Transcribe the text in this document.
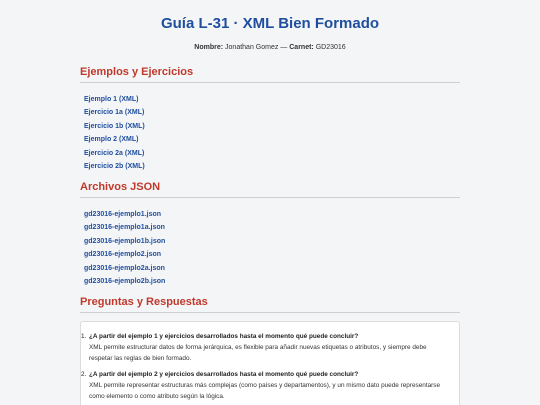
Guía L-31 · XML Bien Formado
Nombre: Jonathan Gomez — Carnet: GD23016
Ejemplos y Ejercicios
Ejemplo 1 (XML)
Ejercicio 1a (XML)
Ejercicio 1b (XML)
Ejemplo 2 (XML)
Ejercicio 2a (XML)
Ejercicio 2b (XML)
Archivos JSON
gd23016-ejemplo1.json
gd23016-ejemplo1a.json
gd23016-ejemplo1b.json
gd23016-ejemplo2.json
gd23016-ejemplo2a.json
gd23016-ejemplo2b.json
Preguntas y Respuestas
1. ¿A partir del ejemplo 1 y ejercicios desarrollados hasta el momento qué puede concluir?
XML permite estructurar datos de forma jerárquica, es flexible para añadir nuevas etiquetas o atributos, y siempre debe respetar las reglas de bien formado.
2. ¿A partir del ejemplo 2 y ejercicios desarrollados hasta el momento qué puede concluir?
XML permite representar estructuras más complejas (como países y departamentos), y un mismo dato puede representarse como elemento o como atributo según la lógica.
